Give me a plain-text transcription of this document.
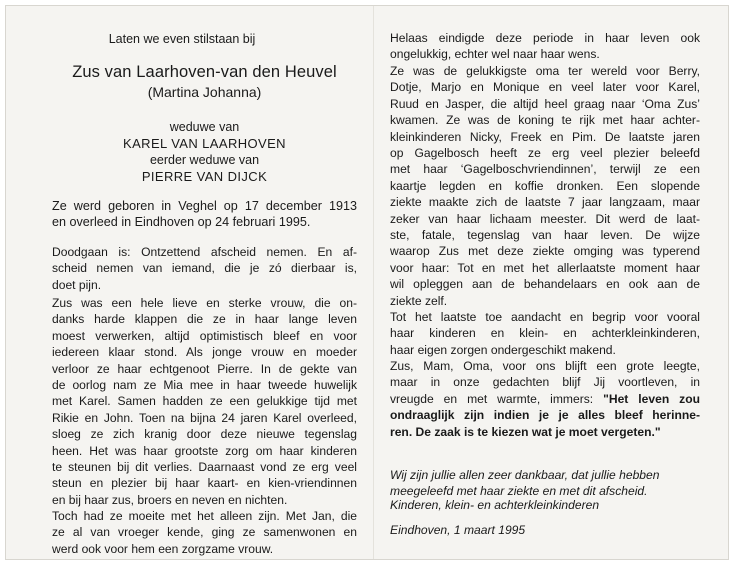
Laten we even stilstaan bij
Zus van Laarhoven-van den Heuvel
(Martina Johanna)
weduwe van
KAREL VAN LAARHOVEN
eerder weduwe van
PIERRE VAN DIJCK
Ze werd geboren in Veghel op 17 december 1913
en overleed in Eindhoven op 24 februari 1995.
Doodgaan is: Ontzettend afscheid nemen. En af-
scheid nemen van iemand, die je zó dierbaar is,
doet pijn.
Zus was een hele lieve en sterke vrouw, die on-
danks harde klappen die ze in haar lange leven
moest verwerken, altijd optimistisch bleef en voor
iedereen klaar stond. Als jonge vrouw en moeder
verloor ze haar echtgenoot Pierre. In de gekte van
de oorlog nam ze Mia mee in haar tweede huwelijk
met Karel. Samen hadden ze een gelukkige tijd met
Rikie en John. Toen na bijna 24 jaren Karel overleed,
sloeg ze zich kranig door deze nieuwe tegenslag
heen. Het was haar grootste zorg om haar kinderen
te steunen bij dit verlies. Daarnaast vond ze erg veel
steun en plezier bij haar kaart- en kien-vriendinnen
en bij haar zus, broers en neven en nichten.
Toch had ze moeite met het alleen zijn. Met Jan, die
ze al van vroeger kende, ging ze samenwonen en
werd ook voor hem een zorgzame vrouw.
Helaas eindigde deze periode in haar leven ook
ongelukkig, echter wel naar haar wens.
Ze was de gelukkigste oma ter wereld voor Berry,
Dotje, Marjo en Monique en veel later voor Karel,
Ruud en Jasper, die altijd heel graag naar ‘Oma Zus’
kwamen. Ze was de koning te rijk met haar achter-
kleinkinderen Nicky, Freek en Pim. De laatste jaren
op Gagelbosch heeft ze erg veel plezier beleefd
met haar ‘Gagelboschvriendinnen’, terwijl ze een
kaartje legden en koffie dronken. Een slopende
ziekte maakte zich de laatste 7 jaar langzaam, maar
zeker van haar lichaam meester. Dit werd de laat-
ste, fatale, tegenslag van haar leven. De wijze
waarop Zus met deze ziekte omging was typerend
voor haar: Tot en met het allerlaatste moment haar
wil opleggen aan de behandelaars en ook aan de
ziekte zelf.
Tot het laatste toe aandacht en begrip voor vooral
haar kinderen en klein- en achterkleinkinderen,
haar eigen zorgen ondergeschikt makend.
Zus, Mam, Oma, voor ons blijft een grote leegte,
maar in onze gedachten blijf Jij voortleven, in
vreugde en met warmte, immers: "Het leven zou
ondraaglijk zijn indien je je alles bleef herinne-
ren. De zaak is te kiezen wat je moet vergeten."
Wij zijn jullie allen zeer dankbaar, dat jullie hebben
meegeleefd met haar ziekte en met dit afscheid.
Kinderen, klein- en achterkleinkinderen
Eindhoven, 1 maart 1995
